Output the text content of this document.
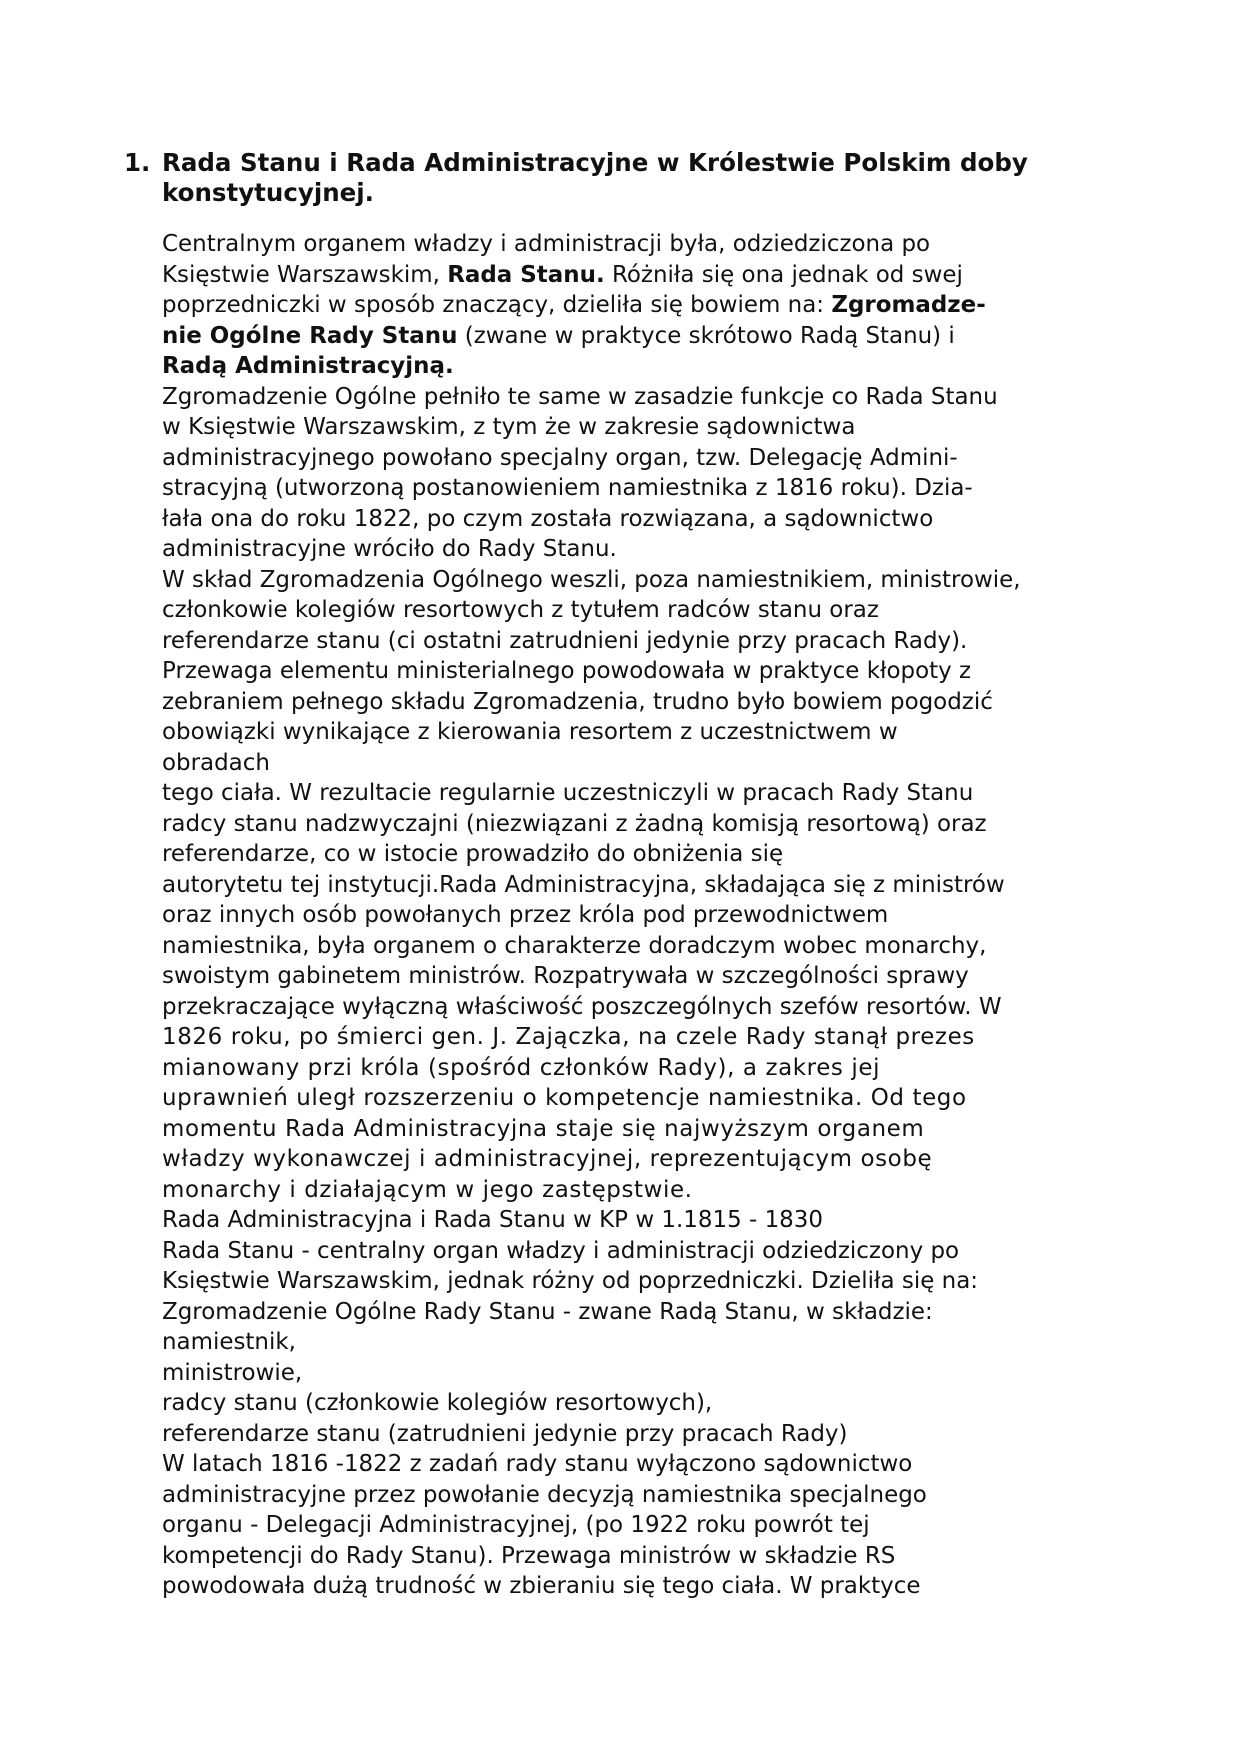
1. Rada Stanu i Rada Administracyjne w Królestwie Polskim doby
konstytucyjnej.
Centralnym organem władzy i administracji była, odziedziczona po
Księstwie Warszawskim, Rada Stanu. Różniła się ona jednak od swej
poprzedniczki w sposób znaczący, dzieliła się bowiem na: Zgromadze-
nie Ogólne Rady Stanu (zwane w praktyce skrótowo Radą Stanu) i
Radą Administracyjną.
Zgromadzenie Ogólne pełniło te same w zasadzie funkcje co Rada Stanu
w Księstwie Warszawskim, z tym że w zakresie sądownictwa
administracyjnego powołano specjalny organ, tzw. Delegację Admini-
stracyjną (utworzoną postanowieniem namiestnika z 1816 roku). Dzia-
łała ona do roku 1822, po czym została rozwiązana, a sądownictwo
administracyjne wróciło do Rady Stanu.
W skład Zgromadzenia Ogólnego weszli, poza namiestnikiem, ministrowie,
członkowie kolegiów resortowych z tytułem radców stanu oraz
referendarze stanu (ci ostatni zatrudnieni jedynie przy pracach Rady).
Przewaga elementu ministerialnego powodowała w praktyce kłopoty z
zebraniem pełnego składu Zgromadzenia, trudno było bowiem pogodzić
obowiązki wynikające z kierowania resortem z uczestnictwem w
obradach
tego ciała. W rezultacie regularnie uczestniczyli w pracach Rady Stanu
radcy stanu nadzwyczajni (niezwiązani z żadną komisją resortową) oraz
referendarze, co w istocie prowadziło do obniżenia się
autorytetu tej instytucji.Rada Administracyjna, składająca się z ministrów
oraz innych osób powołanych przez króla pod przewodnictwem
namiestnika, była organem o charakterze doradczym wobec monarchy,
swoistym gabinetem ministrów. Rozpatrywała w szczególności sprawy
przekraczające wyłączną właściwość poszczególnych szefów resortów. W
1826 roku, po śmierci gen. J. Zajączka, na czele Rady stanął prezes
mianowany przi króla (spośród członków Rady), a zakres jej
uprawnień uległ rozszerzeniu o kompetencje namiestnika. Od tego
momentu Rada Administracyjna staje się najwyższym organem
władzy wykonawczej i administracyjnej, reprezentującym osobę
monarchy i działającym w jego zastępstwie.
Rada Administracyjna i Rada Stanu w KP w 1.1815 - 1830
Rada Stanu - centralny organ władzy i administracji odziedziczony po
Księstwie Warszawskim, jednak różny od poprzedniczki. Dzieliła się na:
Zgromadzenie Ogólne Rady Stanu - zwane Radą Stanu, w składzie:
namiestnik,
ministrowie,
radcy stanu (członkowie kolegiów resortowych),
referendarze stanu (zatrudnieni jedynie przy pracach Rady)
W latach 1816 -1822 z zadań rady stanu wyłączono sądownictwo
administracyjne przez powołanie decyzją namiestnika specjalnego
organu - Delegacji Administracyjnej, (po 1922 roku powrót tej
kompetencji do Rady Stanu). Przewaga ministrów w składzie RS
powodowała dużą trudność w zbieraniu się tego ciała. W praktyce
